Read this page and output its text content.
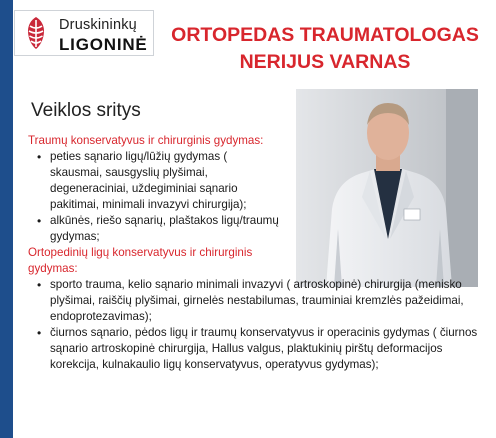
Druskininkų
LIGONINĖ	ORTOPEDAS TRAUMATOLOGAS
NERIJUS VARNAS
Veiklos sritys
Traumų konservatyvus ir chirurginis gydymas:
• peties sąnario ligų/lūžių gydymas ( skausmai, sausgyslių plyšimai, degeneraciniai, uždegiminiai sąnario pakitimai, minimali invazyvi chirurgija);
• alkūnės, riešo sąnarių, plaštakos ligų/traumų gydymas;
Ortopedinių ligų konservatyvus ir chirurginis gydymas:
• sporto trauma, kelio sąnario minimali invazyvi ( artroskopinė) chirurgija (menisko plyšimai, raiščių plyšimai, girnelės nestabilumas, trauminiai kremzlės pažeidimai, endoprotezavimas);
• čiurnos sąnario, pėdos ligų ir traumų konservatyvus ir operacinis gydymas ( čiurnos sąnario artroskopinė chirurgija, Hallus valgus, plaktukinių pirštų deformacijos korekcija, kulnakaulio ligų konservatyvus, operatyvus gydymas);
